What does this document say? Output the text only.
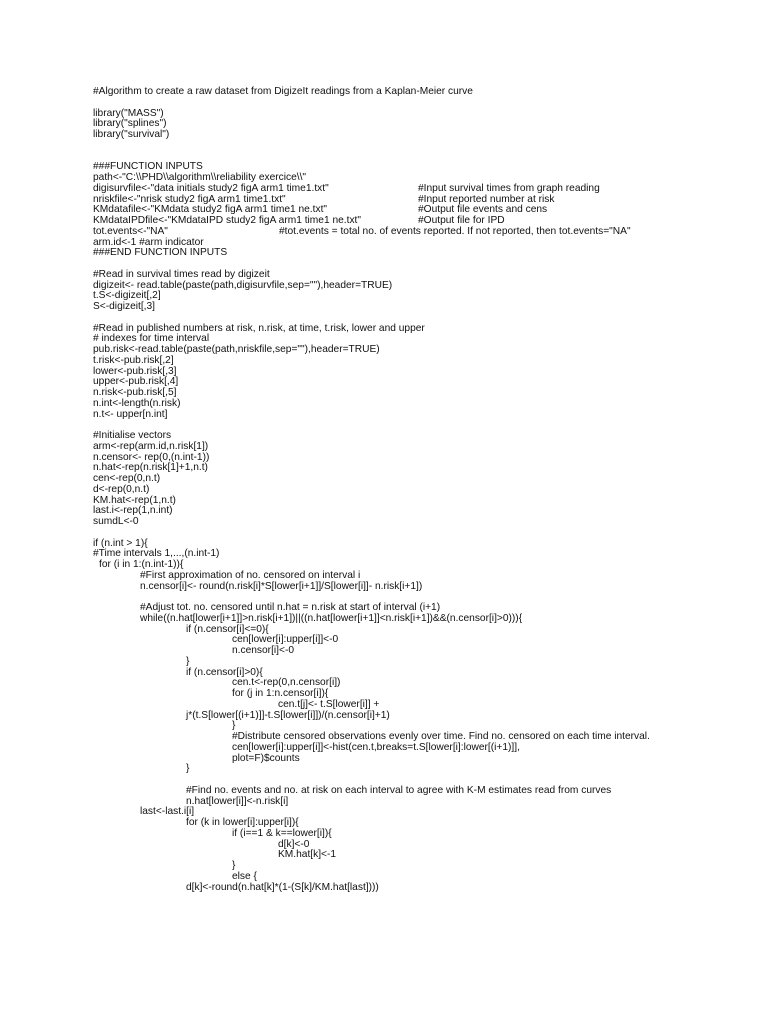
#Algorithm to create a raw dataset from DigizeIt readings from a Kaplan-Meier curve
library("MASS")
library("splines")
library("survival")
###FUNCTION INPUTS
path<-"C:\\PHD\\algorithm\\reliability exercice\\"
digisurvfile<-"data initials study2 figA arm1 time1.txt"	#Input survival times from graph reading
nriskfile<-"nrisk study2 figA arm1 time1.txt"	#Input reported number at risk
KMdatafile<-"KMdata study2 figA arm1 time1 ne.txt"	#Output file events and cens
KMdataIPDfile<-"KMdataIPD study2 figA arm1 time1 ne.txt"	#Output file for IPD
tot.events<-"NA"	#tot.events = total no. of events reported. If not reported, then tot.events="NA"
arm.id<-1 #arm indicator
###END FUNCTION INPUTS
#Read in survival times read by digizeit
digizeit<- read.table(paste(path,digisurvfile,sep=""),header=TRUE)
t.S<-digizeit[,2]
S<-digizeit[,3]
#Read in published numbers at risk, n.risk, at time, t.risk, lower and upper
# indexes for time interval
pub.risk<-read.table(paste(path,nriskfile,sep=""),header=TRUE)
t.risk<-pub.risk[,2]
lower<-pub.risk[,3]
upper<-pub.risk[,4]
n.risk<-pub.risk[,5]
n.int<-length(n.risk)
n.t<- upper[n.int]
#Initialise vectors
arm<-rep(arm.id,n.risk[1])
n.censor<- rep(0,(n.int-1))
n.hat<-rep(n.risk[1]+1,n.t)
cen<-rep(0,n.t)
d<-rep(0,n.t)
KM.hat<-rep(1,n.t)
last.i<-rep(1,n.int)
sumdL<-0
if (n.int > 1){
#Time intervals 1,...,(n.int-1)
for (i in 1:(n.int-1)){
#First approximation of no. censored on interval i
n.censor[i]<- round(n.risk[i]*S[lower[i+1]]/S[lower[i]]- n.risk[i+1])
#Adjust tot. no. censored until n.hat = n.risk at start of interval (i+1)
while((n.hat[lower[i+1]]>n.risk[i+1])||((n.hat[lower[i+1]]<n.risk[i+1])&&(n.censor[i]>0))){
if (n.censor[i]<=0){
cen[lower[i]:upper[i]]<-0
n.censor[i]<-0
}
if (n.censor[i]>0){
cen.t<-rep(0,n.censor[i])
for (j in 1:n.censor[i]){
cen.t[j]<- t.S[lower[i]] +
j*(t.S[lower[(i+1)]]-t.S[lower[i]])/(n.censor[i]+1)
}
#Distribute censored observations evenly over time. Find no. censored on each time interval.
cen[lower[i]:upper[i]]<-hist(cen.t,breaks=t.S[lower[i]:lower[(i+1)]],
plot=F)$counts
}
#Find no. events and no. at risk on each interval to agree with K-M estimates read from curves
n.hat[lower[i]]<-n.risk[i]
last<-last.i[i]
for (k in lower[i]:upper[i]){
if (i==1 & k==lower[i]){
d[k]<-0
KM.hat[k]<-1
}
else {
d[k]<-round(n.hat[k]*(1-(S[k]/KM.hat[last])))
